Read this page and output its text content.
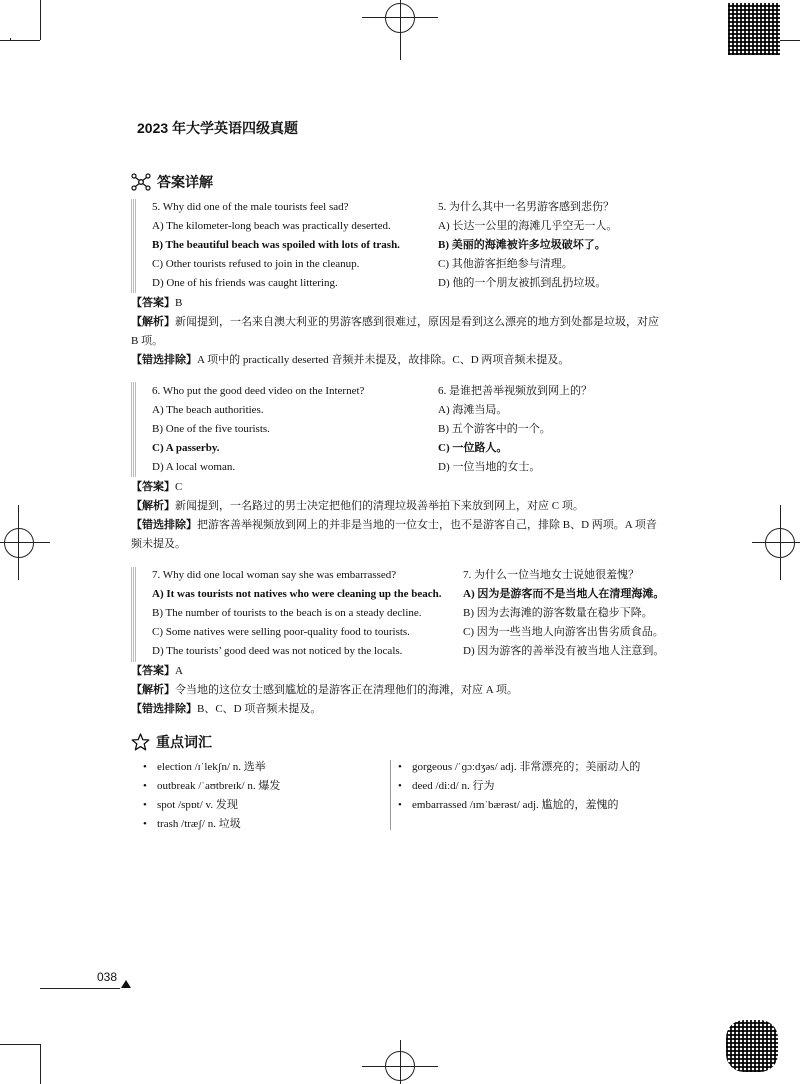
2023 年大学英语四级真题
答案详解
5. Why did one of the male tourists feel sad?
A) The kilometer-long beach was practically deserted.
B) The beautiful beach was spoiled with lots of trash.
C) Other tourists refused to join in the cleanup.
D) One of his friends was caught littering.
5. 为什么其中一名男游客感到悲伤？
A) 长达一公里的海滩几乎空无一人。
B) 美丽的海滩被许多垃圾破坏了。
C) 其他游客拒绝参与清理。
D) 他的一个朋友被抓到乱扔垃圾。
【答案】B
【解析】新闻提到，一名来自澳大利亚的男游客感到很难过，原因是看到这么漂亮的地方到处都是垃圾，对应
B 项。
【错选排除】A 项中的 practically deserted 音频并未提及，故排除。C、D 两项音频未提及。
6. Who put the good deed video on the Internet?
A) The beach authorities.
B) One of the five tourists.
C) A passerby.
D) A local woman.
6. 是谁把善举视频放到网上的？
A) 海滩当局。
B) 五个游客中的一个。
C) 一位路人。
D) 一位当地的女士。
【答案】C
【解析】新闻提到，一名路过的男士决定把他们的清理垃圾善举拍下来放到网上，对应 C 项。
【错选排除】把游客善举视频放到网上的并非是当地的一位女士，也不是游客自己，排除 B、D 两项。A 项音
频未提及。
7. Why did one local woman say she was embarrassed?
A) It was tourists not natives who were cleaning up the beach.
B) The number of tourists to the beach is on a steady decline.
C) Some natives were selling poor-quality food to tourists.
D) The tourists’ good deed was not noticed by the locals.
7. 为什么一位当地女士说她很羞愧？
A) 因为是游客而不是当地人在清理海滩。
B) 因为去海滩的游客数量在稳步下降。
C) 因为一些当地人向游客出售劣质食品。
D) 因为游客的善举没有被当地人注意到。
【答案】A
【解析】令当地的这位女士感到尴尬的是游客正在清理他们的海滩，对应 A 项。
【错选排除】B、C、D 项音频未提及。
重点词汇
• election /ɪˈlekʃn/ n. 选举
• outbreak /ˈaʊtbreɪk/ n. 爆发
• spot /spɒt/ v. 发现
• trash /træʃ/ n. 垃圾
• gorgeous /ˈɡɔːdʒəs/ adj. 非常漂亮的；美丽动人的
• deed /diːd/ n. 行为
• embarrassed /ɪmˈbærəst/ adj. 尴尬的，羞愧的
038
